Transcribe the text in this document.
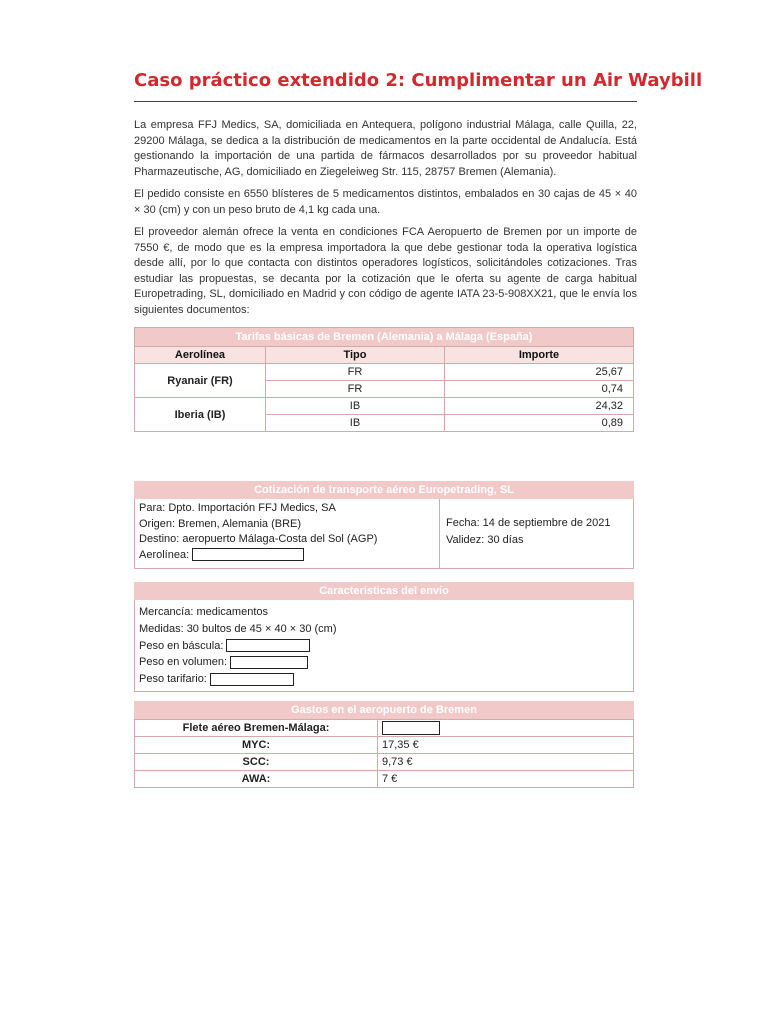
Caso práctico extendido 2: Cumplimentar un Air Waybill

La empresa FFJ Medics, SA, domiciliada en Antequera, polígono industrial Málaga, calle Quilla, 22, 29200 Málaga, se dedica a la distribución de medicamentos en la parte occidental de Andalucía. Está gestionando la importación de una partida de fármacos desarrollados por su proveedor habitual Pharmazeutische, AG, domiciliado en Ziegeleiweg Str. 115, 28757 Bremen (Alemania).

El pedido consiste en 6550 blísteres de 5 medicamentos distintos, embalados en 30 cajas de 45 × 40 × 30 (cm) y con un peso bruto de 4,1 kg cada una.

El proveedor alemán ofrece la venta en condiciones FCA Aeropuerto de Bremen por un importe de 7550 €, de modo que es la empresa importadora la que debe gestionar toda la operativa logística desde allí, por lo que contacta con distintos operadores logísticos, solicitándoles cotizaciones. Tras estudiar las propuestas, se decanta por la cotización que le oferta su agente de carga habitual Europetrading, SL, domiciliado en Madrid y con código de agente IATA 23-5-908XX21, que le envía los siguientes documentos:

Tarifas básicas de Bremen (Alemania) a Málaga (España)		
Aerolínea	Tipo	Importe
Ryanair (FR)	FR	25,67
	FR	0,74
Iberia (IB)	IB	24,32
	IB	0,89
Cotización de transporte aéreo Europetrading, SL
Para: Dpto. Importación FFJ Medics, SA
Origen: Bremen, Alemania (BRE)
Destino: aeropuerto Málaga-Costa del Sol (AGP)
Aerolínea:
Fecha: 14 de septiembre de 2021
Validez: 30 días
Características del envío
Mercancía: medicamentos
Medidas: 30 bultos de 45 × 40 × 30 (cm)
Peso en báscula:
Peso en volumen:
Peso tarifario:
Gastos en el aeropuerto de Bremen
Flete aéreo Bremen-Málaga:	
MYC:	17,35 €
SCC:	9,73 €
AWA:	7 €
